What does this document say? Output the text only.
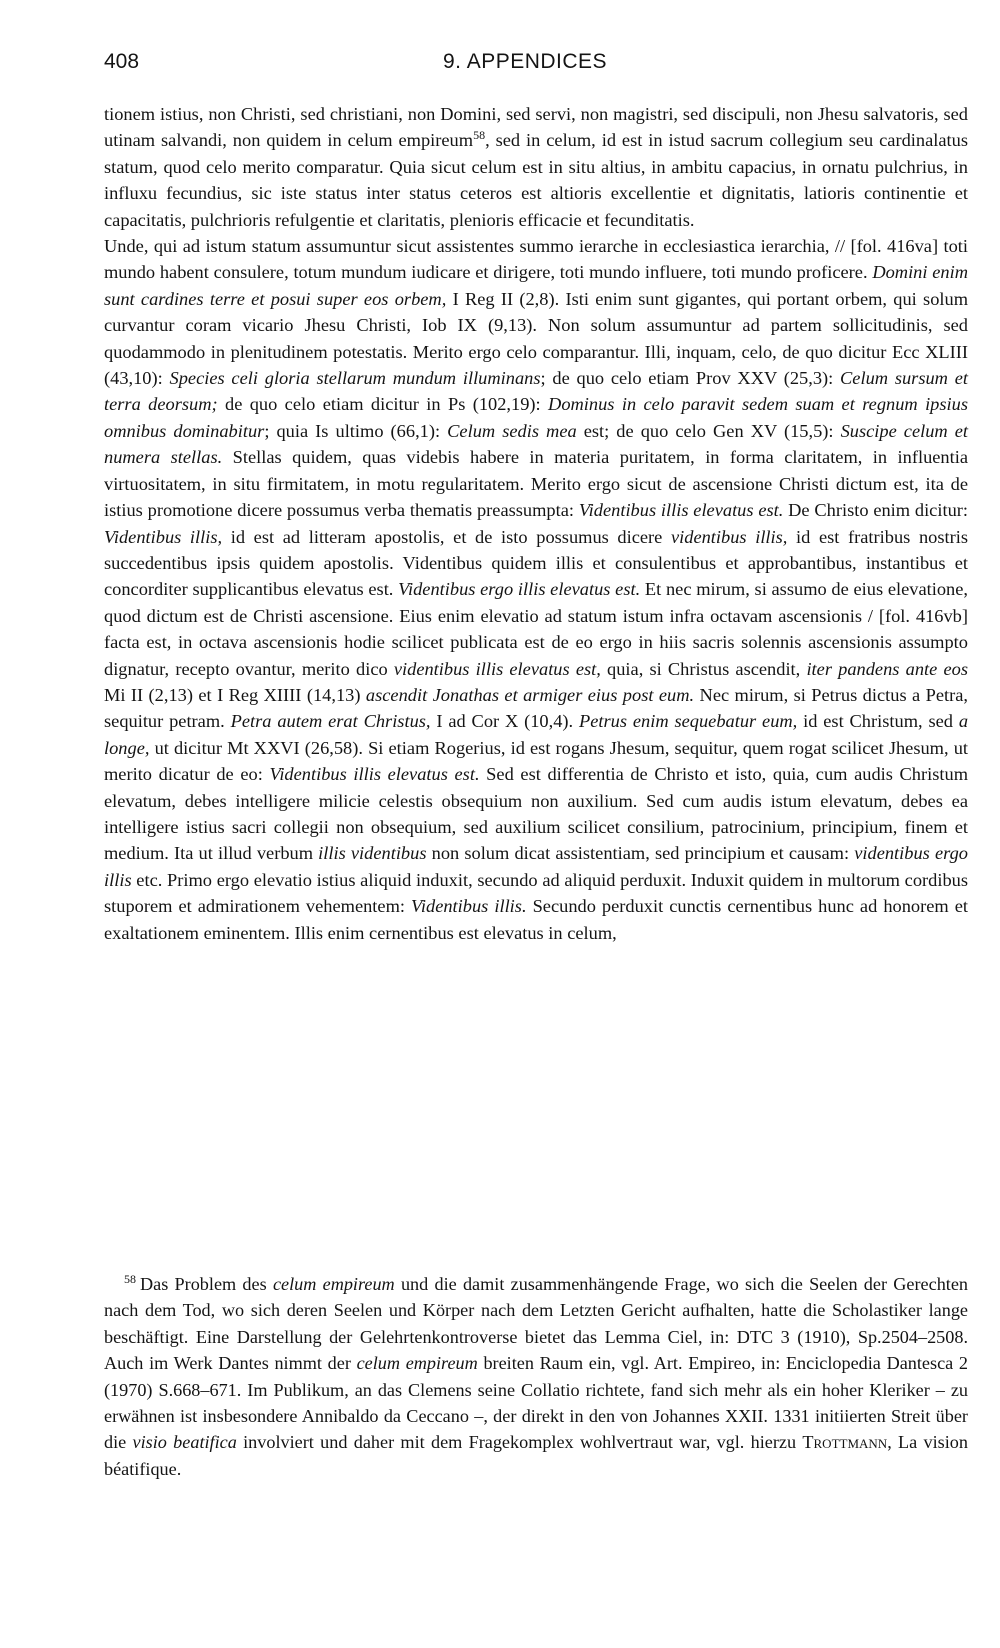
408	9. APPENDICES

tionem istius, non Christi, sed christiani, non Domini, sed servi, non magistri, sed discipuli, non Jhesu salvatoris, sed utinam salvandi, non quidem in celum empireum$^{58}$, sed in celum, id est in istud sacrum collegium seu cardinalatus statum, quod celo merito comparatur. Quia sicut celum est in situ altius, in ambitu capacius, in ornatu pulchrius, in influxu fecundius, sic iste status inter status ceteros est altioris excellentie et dignitatis, latioris continentie et capacitatis, pulchrioris refulgentie et claritatis, plenioris efficacie et fecunditatis.

Unde, qui ad istum statum assumuntur sicut assistentes summo ierarche in ecclesiastica ierarchia, // [fol. 416va] toti mundo habent consulere, totum mundum iudicare et dirigere, toti mundo influere, toti mundo proficere. Domini enim sunt cardines terre et posui super eos orbem, I Reg II (2,8). Isti enim sunt gigantes, qui portant orbem, qui solum curvantur coram vicario Jhesu Christi, Iob IX (9,13). Non solum assumuntur ad partem sollicitudinis, sed quodammodo in plenitudinem potestatis. Merito ergo celo comparantur. Illi, inquam, celo, de quo dicitur Ecc XLIII (43,10): Species celi gloria stellarum mundum illuminans; de quo celo etiam Prov XXV (25,3): Celum sursum et terra deorsum; de quo celo etiam dicitur in Ps (102,19): Dominus in celo paravit sedem suam et regnum ipsius omnibus dominabitur; quia Is ultimo (66,1): Celum sedis mea est; de quo celo Gen XV (15,5): Suscipe celum et numera stellas. Stellas quidem, quas videbis habere in materia puritatem, in forma claritatem, in influentia virtuositatem, in situ firmitatem, in motu regularitatem. Merito ergo sicut de ascensione Christi dictum est, ita de istius promotione dicere possumus verba thematis preassumpta: Videntibus illis elevatus est. De Christo enim dicitur: Videntibus illis, id est ad litteram apostolis, et de isto possumus dicere videntibus illis, id est fratribus nostris succedentibus ipsis quidem apostolis. Videntibus quidem illis et consulentibus et approbantibus, instantibus et concorditer supplicantibus elevatus est. Videntibus ergo illis elevatus est. Et nec mirum, si assumo de eius elevatione, quod dictum est de Christi ascensione. Eius enim elevatio ad statum istum infra octavam ascensionis / [fol. 416vb] facta est, in octava ascensionis hodie scilicet publicata est de eo ergo in hiis sacris solennis ascensionis assumpto dignatur, recepto ovantur, merito dico videntibus illis elevatus est, quia, si Christus ascendit, iter pandens ante eos Mi II (2,13) et I Reg XIIII (14,13) ascendit Jonathas et armiger eius post eum. Nec mirum, si Petrus dictus a Petra, sequitur petram. Petra autem erat Christus, I ad Cor X (10,4). Petrus enim sequebatur eum, id est Christum, sed a longe, ut dicitur Mt XXVI (26,58). Si etiam Rogerius, id est rogans Jhesum, sequitur, quem rogat scilicet Jhesum, ut merito dicatur de eo: Videntibus illis elevatus est. Sed est differentia de Christo et isto, quia, cum audis Christum elevatum, debes intelligere milicie celestis obsequium non auxilium. Sed cum audis istum elevatum, debes ea intelligere istius sacri collegii non obsequium, sed auxilium scilicet consilium, patrocinium, principium, finem et medium. Ita ut illud verbum illis videntibus non solum dicat assistentiam, sed principium et causam: videntibus ergo illis etc. Primo ergo elevatio istius aliquid induxit, secundo ad aliquid perduxit. Induxit quidem in multorum cordibus stuporem et admirationem vehementem: Videntibus illis. Secundo perduxit cunctis cernentibus hunc ad honorem et exaltationem eminentem. Illis enim cernentibus est elevatus in celum,

$^{58}$ Das Problem des celum empireum und die damit zusammenhängende Frage, wo sich die Seelen der Gerechten nach dem Tod, wo sich deren Seelen und Körper nach dem Letzten Gericht aufhalten, hatte die Scholastiker lange beschäftigt. Eine Darstellung der Gelehrtenkontroverse bietet das Lemma Ciel, in: DTC 3 (1910), Sp.2504–2508. Auch im Werk Dantes nimmt der celum empireum breiten Raum ein, vgl. Art. Empireo, in: Enciclopedia Dantesca 2 (1970) S.668–671. Im Publikum, an das Clemens seine Collatio richtete, fand sich mehr als ein hoher Kleriker – zu erwähnen ist insbesondere Annibaldo da Ceccano –, der direkt in den von Johannes XXII. 1331 initiierten Streit über die visio beatifica involviert und daher mit dem Fragekomplex wohlvertraut war, vgl. hierzu Trottmann, La vision béatifique.
